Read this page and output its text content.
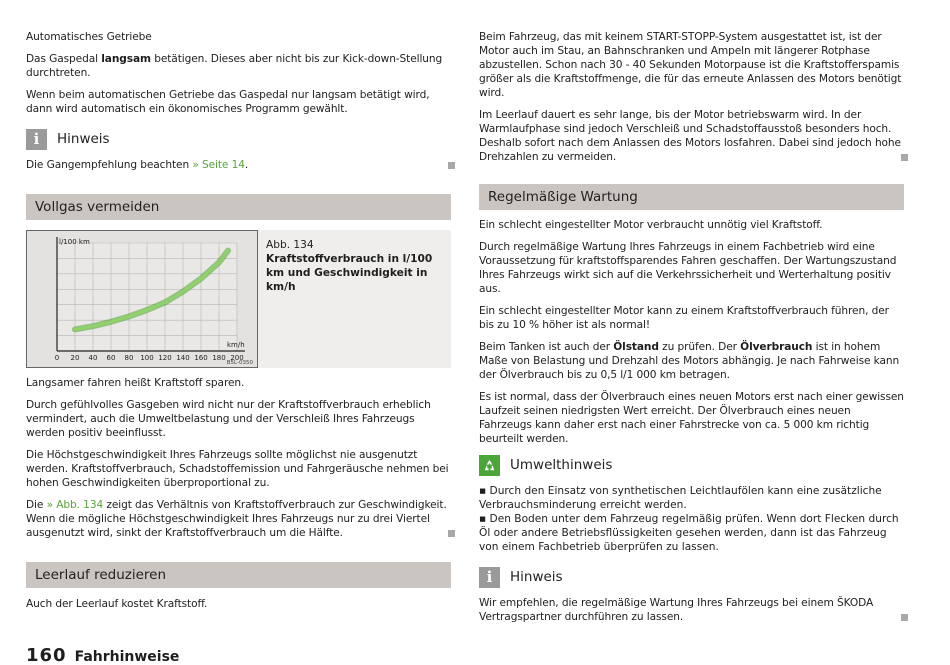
Automatisches Getriebe
Das Gaspedal langsam betätigen. Dieses aber nicht bis zur Kick-down-Stellung durchtreten.
Wenn beim automatischen Getriebe das Gaspedal nur langsam betätigt wird, dann wird automatisch ein ökonomisches Programm gewählt.
i	Hinweis
Die Gangempfehlung beachten » Seite 14.
Vollgas vermeiden
l/100 km
km/h
0 20 40 60 80 100 120 140 160 180 200
B5L-0350
Abb. 134
Kraftstoffverbrauch in l/100 km und Geschwindigkeit in km/h
Langsamer fahren heißt Kraftstoff sparen.
Durch gefühlvolles Gasgeben wird nicht nur der Kraftstoffverbrauch erheblich vermindert, auch die Umweltbelastung und der Verschleiß Ihres Fahrzeugs werden positiv beeinflusst.
Die Höchstgeschwindigkeit Ihres Fahrzeugs sollte möglichst nie ausgenutzt werden. Kraftstoffverbrauch, Schadstoffemission und Fahrgeräusche nehmen bei hohen Geschwindigkeiten überproportional zu.
Die » Abb. 134 zeigt das Verhältnis von Kraftstoffverbrauch zur Geschwindigkeit. Wenn die mögliche Höchstgeschwindigkeit Ihres Fahrzeugs nur zu drei Viertel ausgenutzt wird, sinkt der Kraftstoffverbrauch um die Hälfte.
Leerlauf reduzieren
Auch der Leerlauf kostet Kraftstoff.
Beim Fahrzeug, das mit keinem START-STOPP-System ausgestattet ist, ist der Motor auch im Stau, an Bahnschranken und Ampeln mit längerer Rotphase abzustellen. Schon nach 30 - 40 Sekunden Motorpause ist die Kraftstofferspamis größer als die Kraftstoffmenge, die für das erneute Anlassen des Motors benötigt wird.
Im Leerlauf dauert es sehr lange, bis der Motor betriebswarm wird. In der Warmlaufphase sind jedoch Verschleiß und Schadstoffausstoß besonders hoch. Deshalb sofort nach dem Anlassen des Motors losfahren. Dabei sind jedoch hohe Drehzahlen zu vermeiden.
Regelmäßige Wartung
Ein schlecht eingestellter Motor verbraucht unnötig viel Kraftstoff.
Durch regelmäßige Wartung Ihres Fahrzeugs in einem Fachbetrieb wird eine Voraussetzung für kraftstoffsparendes Fahren geschaffen. Der Wartungszustand Ihres Fahrzeugs wirkt sich auf die Verkehrssicherheit und Werterhaltung positiv aus.
Ein schlecht eingestellter Motor kann zu einem Kraftstoffverbrauch führen, der bis zu 10 % höher ist als normal!
Beim Tanken ist auch der Ölstand zu prüfen. Der Ölverbrauch ist in hohem Maße von Belastung und Drehzahl des Motors abhängig. Je nach Fahrweise kann der Ölverbrauch bis zu 0,5 l/1 000 km betragen.
Es ist normal, dass der Ölverbrauch eines neuen Motors erst nach einer gewissen Laufzeit seinen niedrigsten Wert erreicht. Der Ölverbrauch eines neuen Fahrzeugs kann daher erst nach einer Fahrstrecke von ca. 5 000 km richtig beurteilt werden.
Umwelthinweis
▪ Durch den Einsatz von synthetischen Leichtlaufölen kann eine zusätzliche Verbrauchsminderung erreicht werden.
▪ Den Boden unter dem Fahrzeug regelmäßig prüfen. Wenn dort Flecken durch Öl oder andere Betriebsflüssigkeiten gesehen werden, dann ist das Fahrzeug von einem Fachbetrieb überprüfen zu lassen.
i	Hinweis
Wir empfehlen, die regelmäßige Wartung Ihres Fahrzeugs bei einem ŠKODA Vertragspartner durchführen zu lassen.
160 Fahrhinweise
